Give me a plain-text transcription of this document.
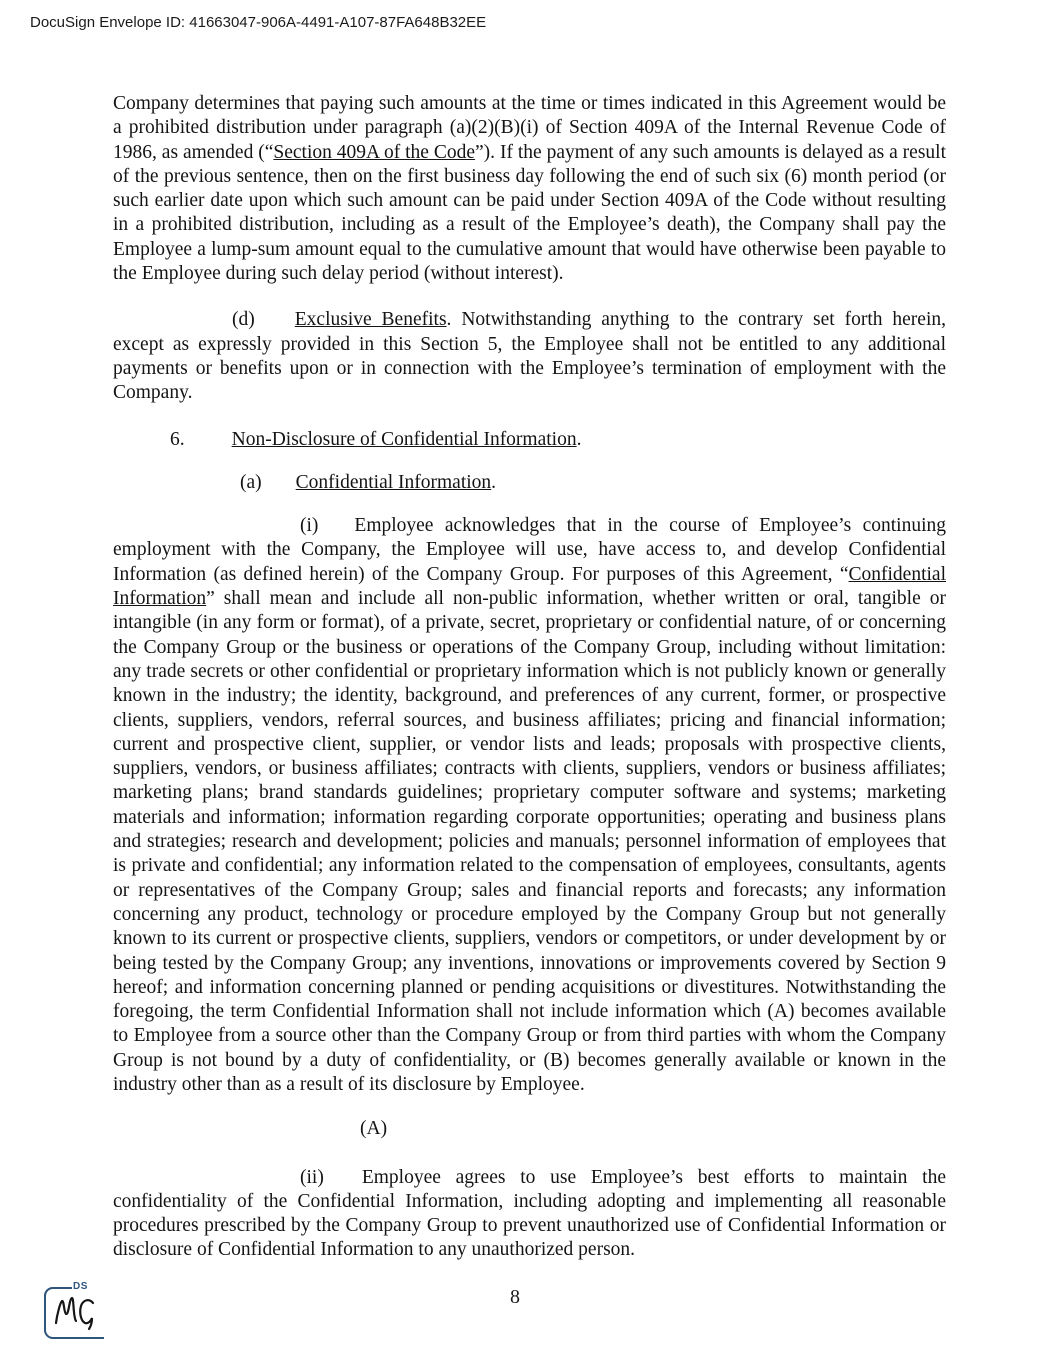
DocuSign Envelope ID: 41663047-906A-4491-A107-87FA648B32EE

Company determines that paying such amounts at the time or times indicated in this Agreement would be a prohibited distribution under paragraph (a)(2)(B)(i) of Section 409A of the Internal Revenue Code of 1986, as amended (“Section 409A of the Code”). If the payment of any such amounts is delayed as a result of the previous sentence, then on the first business day following the end of such six (6) month period (or such earlier date upon which such amount can be paid under Section 409A of the Code without resulting in a prohibited distribution, including as a result of the Employee’s death), the Company shall pay the Employee a lump-sum amount equal to the cumulative amount that would have otherwise been payable to the Employee during such delay period (without interest).

(d) Exclusive Benefits. Notwithstanding anything to the contrary set forth herein, except as expressly provided in this Section 5, the Employee shall not be entitled to any additional payments or benefits upon or in connection with the Employee’s termination of employment with the Company.

6. Non-Disclosure of Confidential Information.

(a) Confidential Information.

(i) Employee acknowledges that in the course of Employee’s continuing employment with the Company, the Employee will use, have access to, and develop Confidential Information (as defined herein) of the Company Group. For purposes of this Agreement, “Confidential Information” shall mean and include all non-public information, whether written or oral, tangible or intangible (in any form or format), of a private, secret, proprietary or confidential nature, of or concerning the Company Group or the business or operations of the Company Group, including without limitation: any trade secrets or other confidential or proprietary information which is not publicly known or generally known in the industry; the identity, background, and preferences of any current, former, or prospective clients, suppliers, vendors, referral sources, and business affiliates; pricing and financial information; current and prospective client, supplier, or vendor lists and leads; proposals with prospective clients, suppliers, vendors, or business affiliates; contracts with clients, suppliers, vendors or business affiliates; marketing plans; brand standards guidelines; proprietary computer software and systems; marketing materials and information; information regarding corporate opportunities; operating and business plans and strategies; research and development; policies and manuals; personnel information of employees that is private and confidential; any information related to the compensation of employees, consultants, agents or representatives of the Company Group; sales and financial reports and forecasts; any information concerning any product, technology or procedure employed by the Company Group but not generally known to its current or prospective clients, suppliers, vendors or competitors, or under development by or being tested by the Company Group; any inventions, innovations or improvements covered by Section 9 hereof; and information concerning planned or pending acquisitions or divestitures. Notwithstanding the foregoing, the term Confidential Information shall not include information which (A) becomes available to Employee from a source other than the Company Group or from third parties with whom the Company Group is not bound by a duty of confidentiality, or (B) becomes generally available or known in the industry other than as a result of its disclosure by Employee.

(A)

(ii) Employee agrees to use Employee’s best efforts to maintain the confidentiality of the Confidential Information, including adopting and implementing all reasonable procedures prescribed by the Company Group to prevent unauthorized use of Confidential Information or disclosure of Confidential Information to any unauthorized person.

8
DS
